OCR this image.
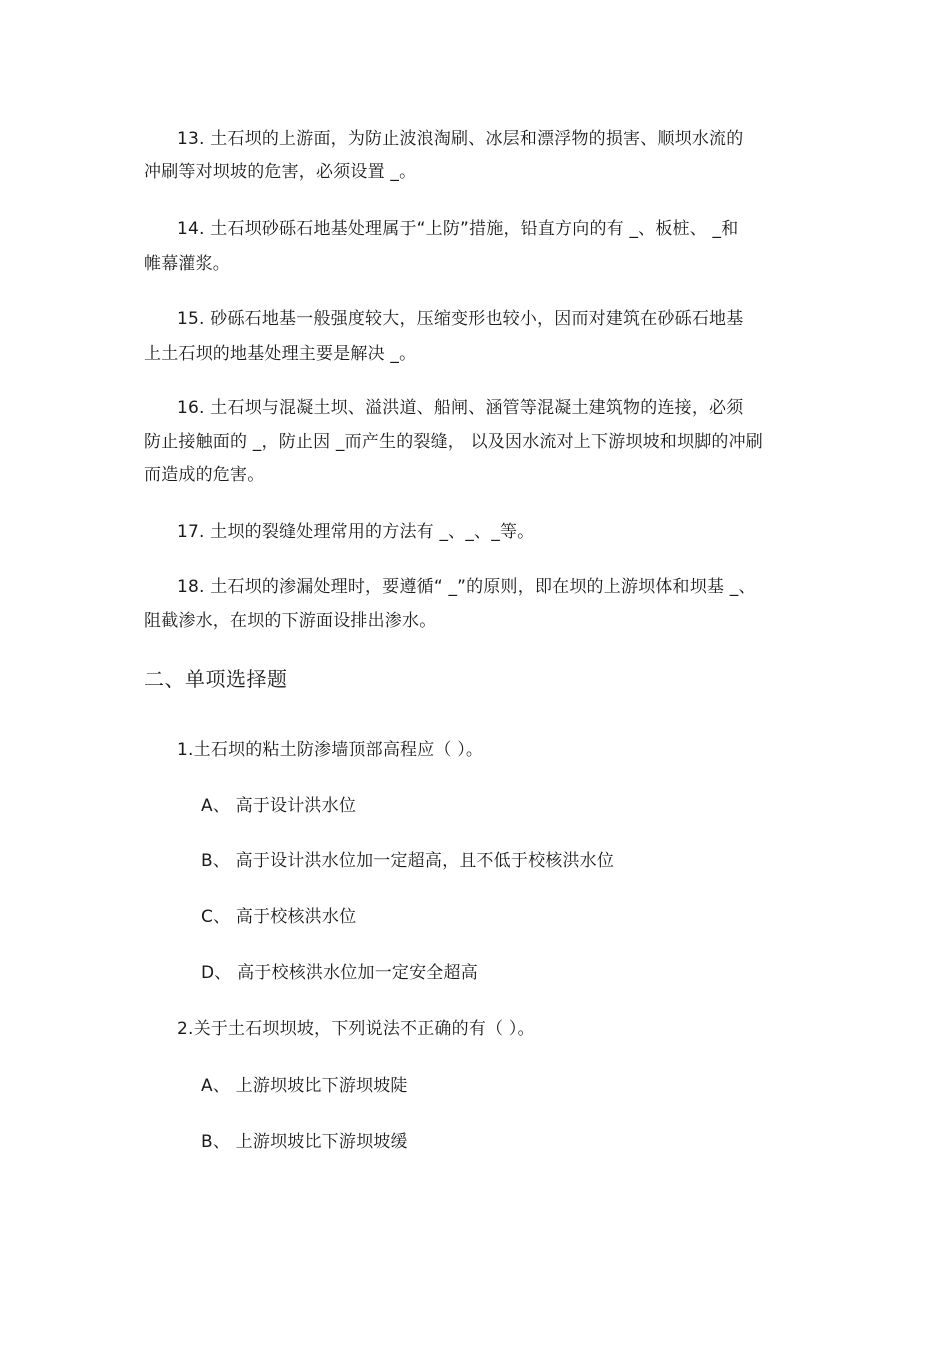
13. 土石坝的上游面，为防止波浪淘刷、冰层和漂浮物的损害、顺坝水流的
冲刷等对坝坡的危害，必须设置 _。
14. 土石坝砂砾石地基处理属于“上防”措施，铅直方向的有 _、板桩、 _和
帷幕灌浆。
15. 砂砾石地基一般强度较大，压缩变形也较小，因而对建筑在砂砾石地基
上土石坝的地基处理主要是解决 _。
16. 土石坝与混凝土坝、溢洪道、船闸、涵管等混凝土建筑物的连接，必须
防止接触面的 _，防止因 _而产生的裂缝， 以及因水流对上下游坝坡和坝脚的冲刷
而造成的危害。
17. 土坝的裂缝处理常用的方法有 _、_、_等。
18. 土石坝的渗漏处理时，要遵循“ _”的原则，即在坝的上游坝体和坝基 _、
阻截渗水，在坝的下游面设排出渗水。
二、单项选择题
1.土石坝的粘土防渗墙顶部高程应（ ）。
A、 高于设计洪水位
B、 高于设计洪水位加一定超高，且不低于校核洪水位
C、 高于校核洪水位
D、 高于校核洪水位加一定安全超高
2.关于土石坝坝坡，下列说法不正确的有（ ）。
A、 上游坝坡比下游坝坡陡
B、 上游坝坡比下游坝坡缓
